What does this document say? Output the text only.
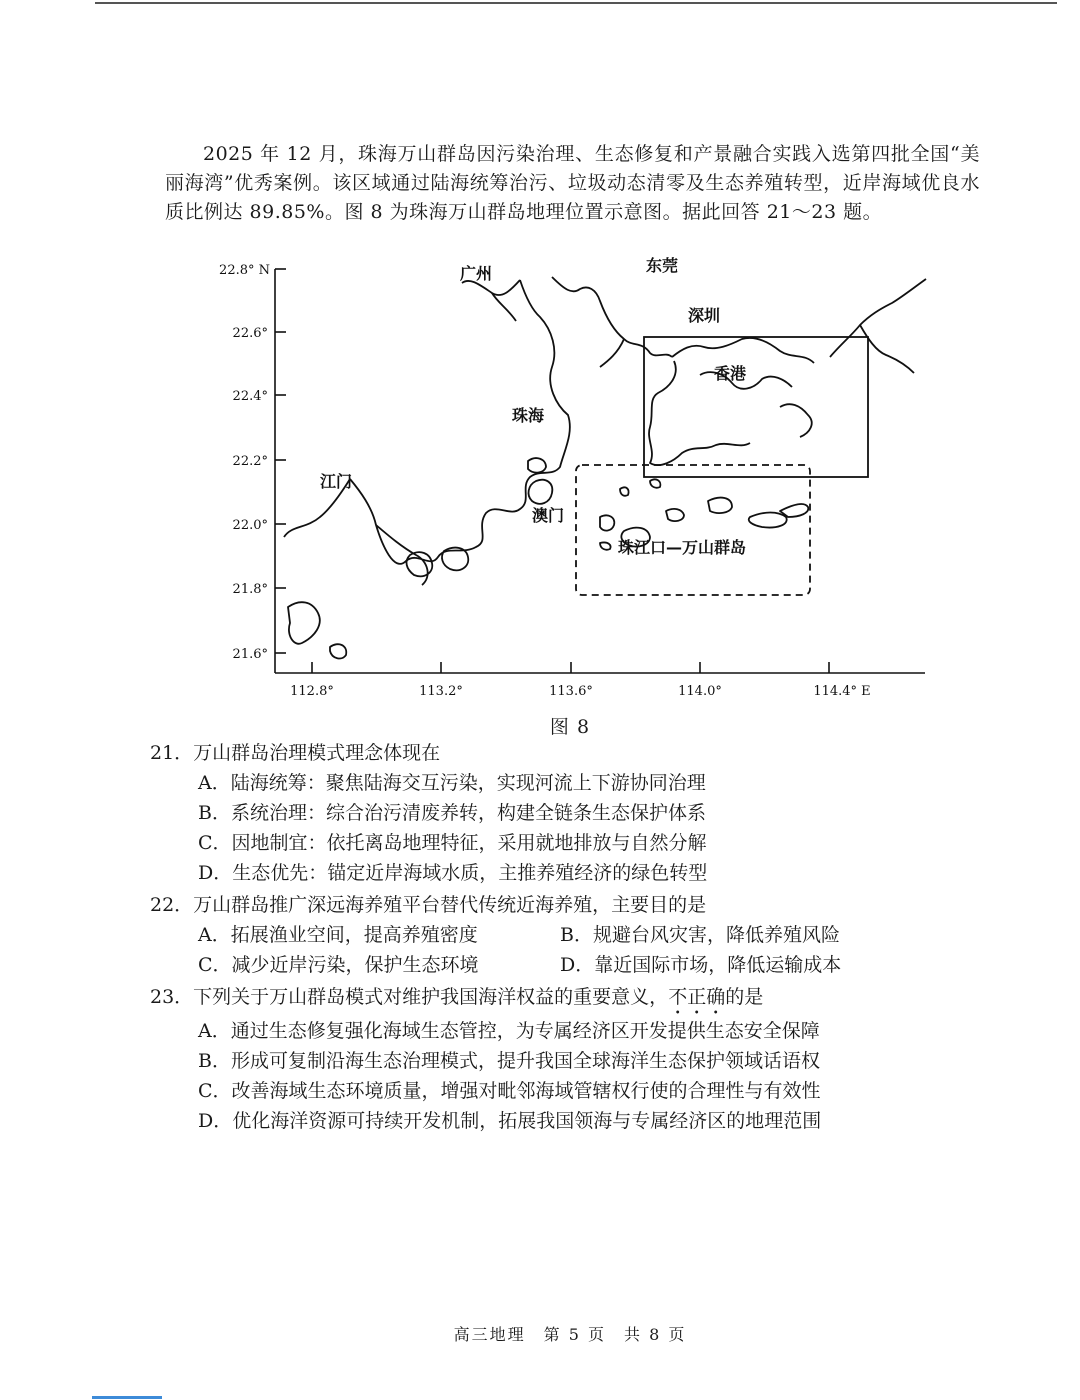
2025 年 12 月，珠海万山群岛因污染治理、生态修复和产景融合实践入选第四批全国“美丽海湾”优秀案例。该区域通过陆海统筹治污、垃圾动态清零及生态养殖转型，近岸海域优良水质比例达 89.85%。图 8 为珠海万山群岛地理位置示意图。据此回答 21～23 题。

22.8° N
22.6°
22.4°
22.2°
22.0°
21.8°
21.6°
112.8°	113.2°	113.6°	114.0°	114.4° E
广州	东莞
深圳
香港
珠海
江门
澳门
珠江口—万山群岛
图 8
21．万山群岛治理模式理念体现在
A．陆海统筹：聚焦陆海交互污染，实现河流上下游协同治理
B．系统治理：综合治污清废养转，构建全链条生态保护体系
C．因地制宜：依托离岛地理特征，采用就地排放与自然分解
D．生态优先：锚定近岸海域水质，主推养殖经济的绿色转型
22．万山群岛推广深远海养殖平台替代传统近海养殖，主要目的是
A．拓展渔业空间，提高养殖密度	B．规避台风灾害，降低养殖风险
C．减少近岸污染，保护生态环境	D．靠近国际市场，降低运输成本
23．下列关于万山群岛模式对维护我国海洋权益的重要意义，不正确的是
A．通过生态修复强化海域生态管控，为专属经济区开发提供生态安全保障
B．形成可复制沿海生态治理模式，提升我国全球海洋生态保护领域话语权
C．改善海域生态环境质量，增强对毗邻海域管辖权行使的合理性与有效性
D．优化海洋资源可持续开发机制，拓展我国领海与专属经济区的地理范围
高三地理　第 5 页　共 8 页
